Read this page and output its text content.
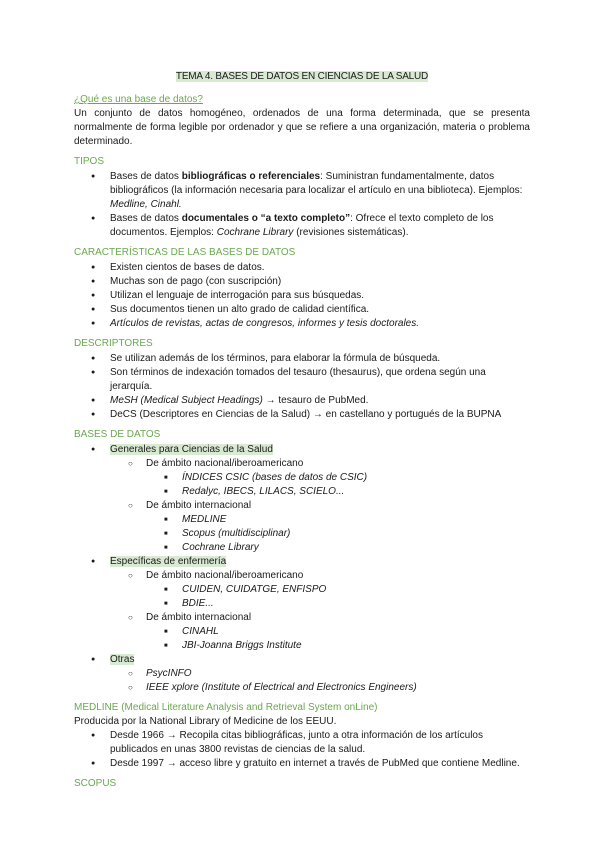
TEMA 4. BASES DE DATOS EN CIENCIAS DE LA SALUD

¿Qué es una base de datos?

Un conjunto de datos homogéneo, ordenados de una forma determinada, que se presenta normalmente de forma legible por ordenador y que se refiere a una organización, materia o problema determinado.

TIPOS

● Bases de datos bibliográficas o referenciales: Suministran fundamentalmente, datos bibliográficos (la información necesaria para localizar el artículo en una biblioteca). Ejemplos: Medline, Cinahl.
● Bases de datos documentales o “a texto completo”: Ofrece el texto completo de los documentos. Ejemplos: Cochrane Library (revisiones sistemáticas).

CARACTERÍSTICAS DE LAS BASES DE DATOS

● Existen cientos de bases de datos.
● Muchas son de pago (con suscripción)
● Utilizan el lenguaje de interrogación para sus búsquedas.
● Sus documentos tienen un alto grado de calidad científica.
● Artículos de revistas, actas de congresos, informes y tesis doctorales.

DESCRIPTORES

● Se utilizan además de los términos, para elaborar la fórmula de búsqueda.
● Son términos de indexación tomados del tesauro (thesaurus), que ordena según una jerarquía.
● MeSH (Medical Subject Headings) → tesauro de PubMed.
● DeCS (Descriptores en Ciencias de la Salud) → en castellano y portugués de la BUPNA

BASES DE DATOS

● Generales para Ciencias de la Salud
○ De ámbito nacional/iberoamericano
■ ÍNDICES CSIC (bases de datos de CSIC)
■ Redalyc, IBECS, LILACS, SCIELO...
○ De ámbito internacional
■ MEDLINE
■ Scopus (multidisciplinar)
■ Cochrane Library
● Específicas de enfermería
○ De ámbito nacional/iberoamericano
■ CUIDEN, CUIDATGE, ENFISPO
■ BDIE...
○ De ámbito internacional
■ CINAHL
■ JBI-Joanna Briggs Institute
● Otras
○ PsycINFO
○ IEEE xplore (Institute of Electrical and Electronics Engineers)

MEDLINE (Medical Literature Analysis and Retrieval System onLine)

Producida por la National Library of Medicine de los EEUU.

● Desde 1966 → Recopila citas bibliográficas, junto a otra información de los artículos publicados en unas 3800 revistas de ciencias de la salud.
● Desde 1997 → acceso libre y gratuito en internet a través de PubMed que contiene Medline.

SCOPUS
